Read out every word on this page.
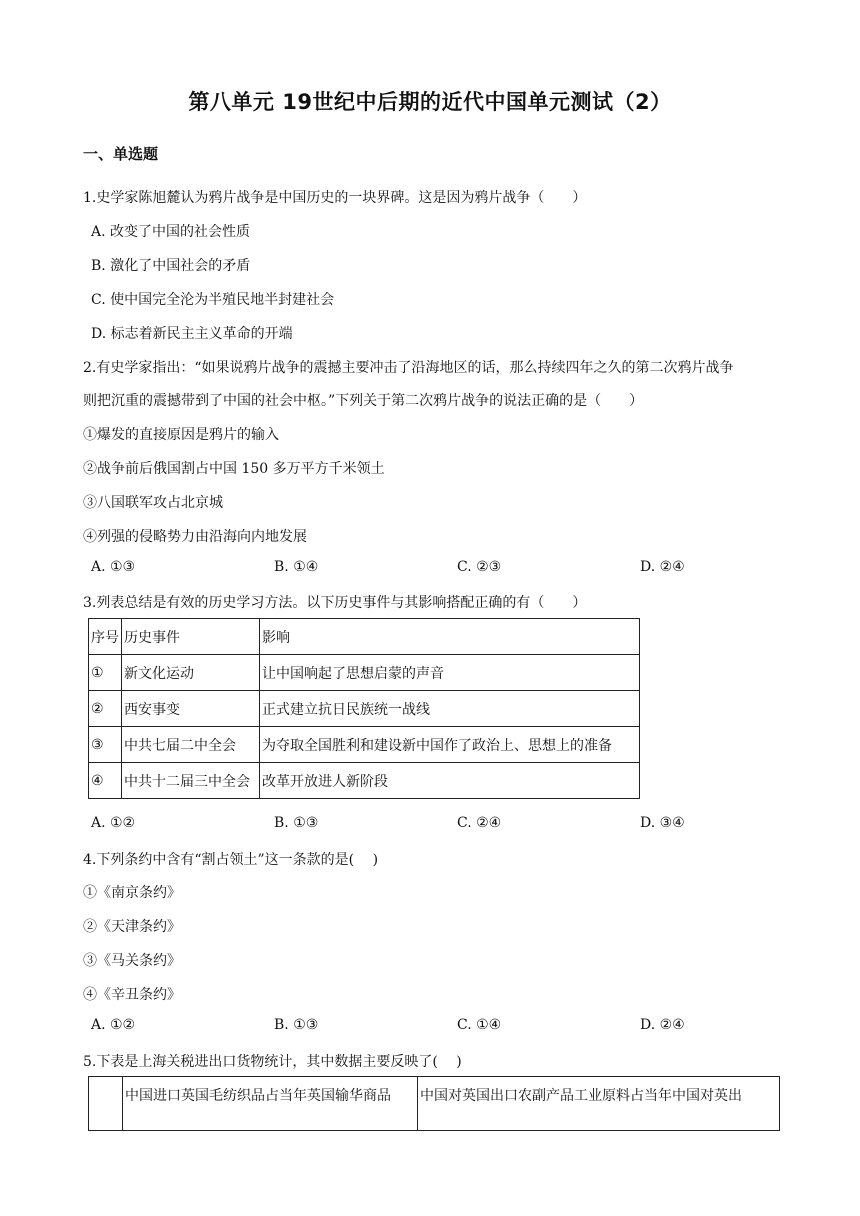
第八单元 19世纪中后期的近代中国单元测试（2）
一、单选题
1.史学家陈旭麓认为鸦片战争是中国历史的一块界碑。这是因为鸦片战争（　　）
A. 改变了中国的社会性质
B. 激化了中国社会的矛盾
C. 使中国完全沦为半殖民地半封建社会
D. 标志着新民主主义革命的开端
2.有史学家指出：“如果说鸦片战争的震撼主要冲击了沿海地区的话，那么持续四年之久的第二次鸦片战争
则把沉重的震撼带到了中国的社会中枢。”下列关于第二次鸦片战争的说法正确的是（　　）
①爆发的直接原因是鸦片的输入
②战争前后俄国割占中国 150 多万平方千米领土
③八国联军攻占北京城
④列强的侵略势力由沿海向内地发展
A. ①③	B. ①④	C. ②③	D. ②④
3.列表总结是有效的历史学习方法。以下历史事件与其影响搭配正确的有（　　）
序号	历史事件	影响
①	新文化运动	让中国响起了思想启蒙的声音
②	西安事变	正式建立抗日民族统一战线
③	中共七届二中全会	为夺取全国胜利和建设新中国作了政治上、思想上的准备
④	中共十二届三中全会	改革开放进人新阶段
A. ①②	B. ①③	C. ②④	D. ③④
4.下列条约中含有“割占领土”这一条款的是(　 )
①《南京条约》
②《天津条约》
③《马关条约》
④《辛丑条约》
A. ①②	B. ①③	C. ①④	D. ②④
5.下表是上海关税进出口货物统计，其中数据主要反映了(　 )
	中国进口英国毛纺织品占当年英国输华商品	中国对英国出口农副产品工业原料占当年中国对英出
